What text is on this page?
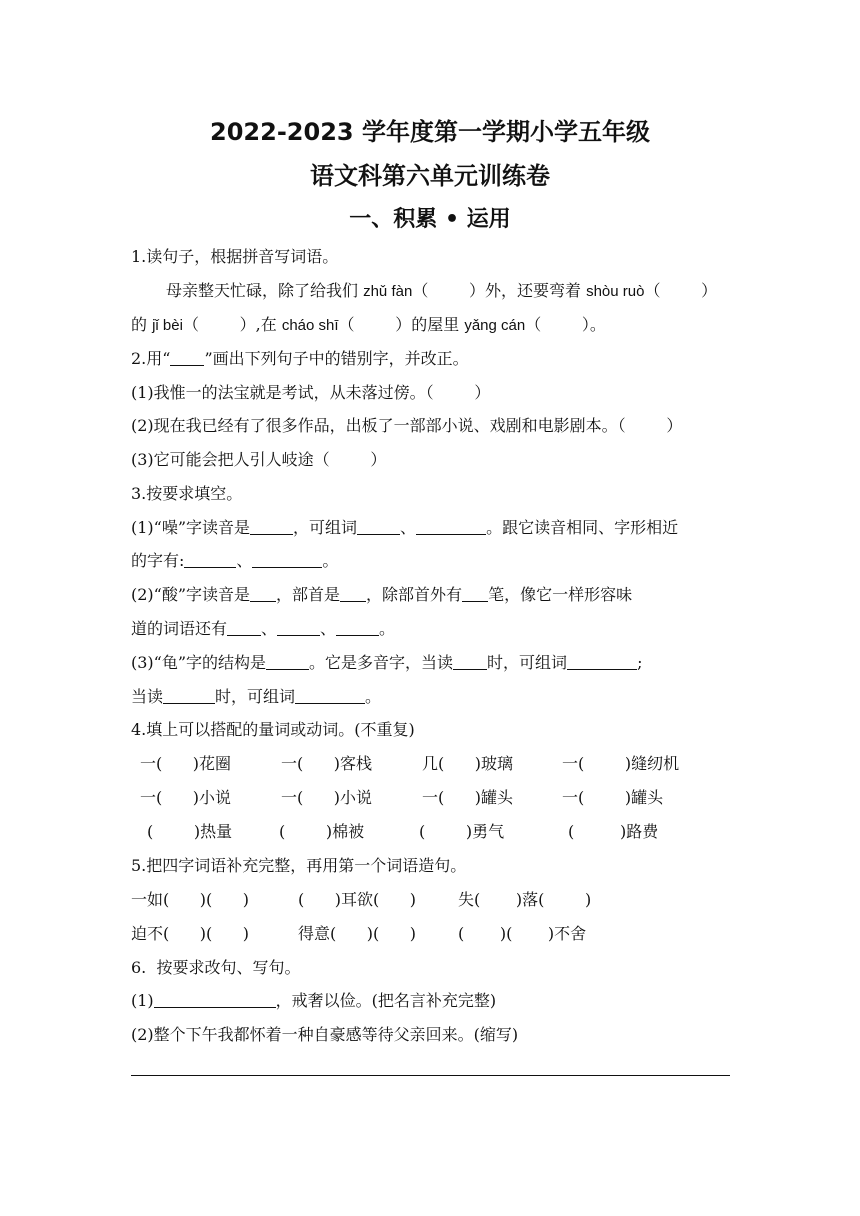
2022-2023 学年度第一学期小学五年级
语文科第六单元训练卷
一、积累 • 运用
1.读句子，根据拼音写词语。
母亲整天忙碌，除了给我们 zhǔ fàn（        ）外，还要弯着 shòu ruò（        ）
的 jǐ bèi（        ）,在 cháo shī（        ）的屋里 yǎng cán（        ）。
2.用“ ”画出下列句子中的错别字，并改正。
(1)我惟一的法宝就是考试，从未落过傍。（        ）
(2)现在我已经有了很多作品，出板了一部部小说、戏剧和电影剧本。（        ）
(3)它可能会把人引人岐途（        ）
3.按要求填空。
(1)“噪”字读音是	，可组词	、	。跟它读音相同、字形相近
的字有:	、	。
(2)“酸”字读音是 ，部首是 ，除部首外有 笔，像它一样形容味
道的词语还有 、	、	。
(3)“龟”字的结构是	。它是多音字，当读 时，可组词	;
当读	时，可组词	。
4.填上可以搭配的量词或动词。(不重复)
一(      )花圈	一(      )客栈	几(      )玻璃	一(        )缝纫机
一(      )小说	一(      )小说	一(      )罐头	一(        )罐头
(        )热量	(        )棉被	(        )勇气	(         )路费
5.把四字词语补充完整，再用第一个词语造句。
一如(      )(      )	(      )耳欲(      )	失(       )落(        )
迫不(      )(      )	得意(      )(      )	(       )(       )不舍
6.  按要求改句、写句。
(1)	，戒奢以俭。(把名言补充完整)
(2)整个下午我都怀着一种自豪感等待父亲回来。(缩写)
